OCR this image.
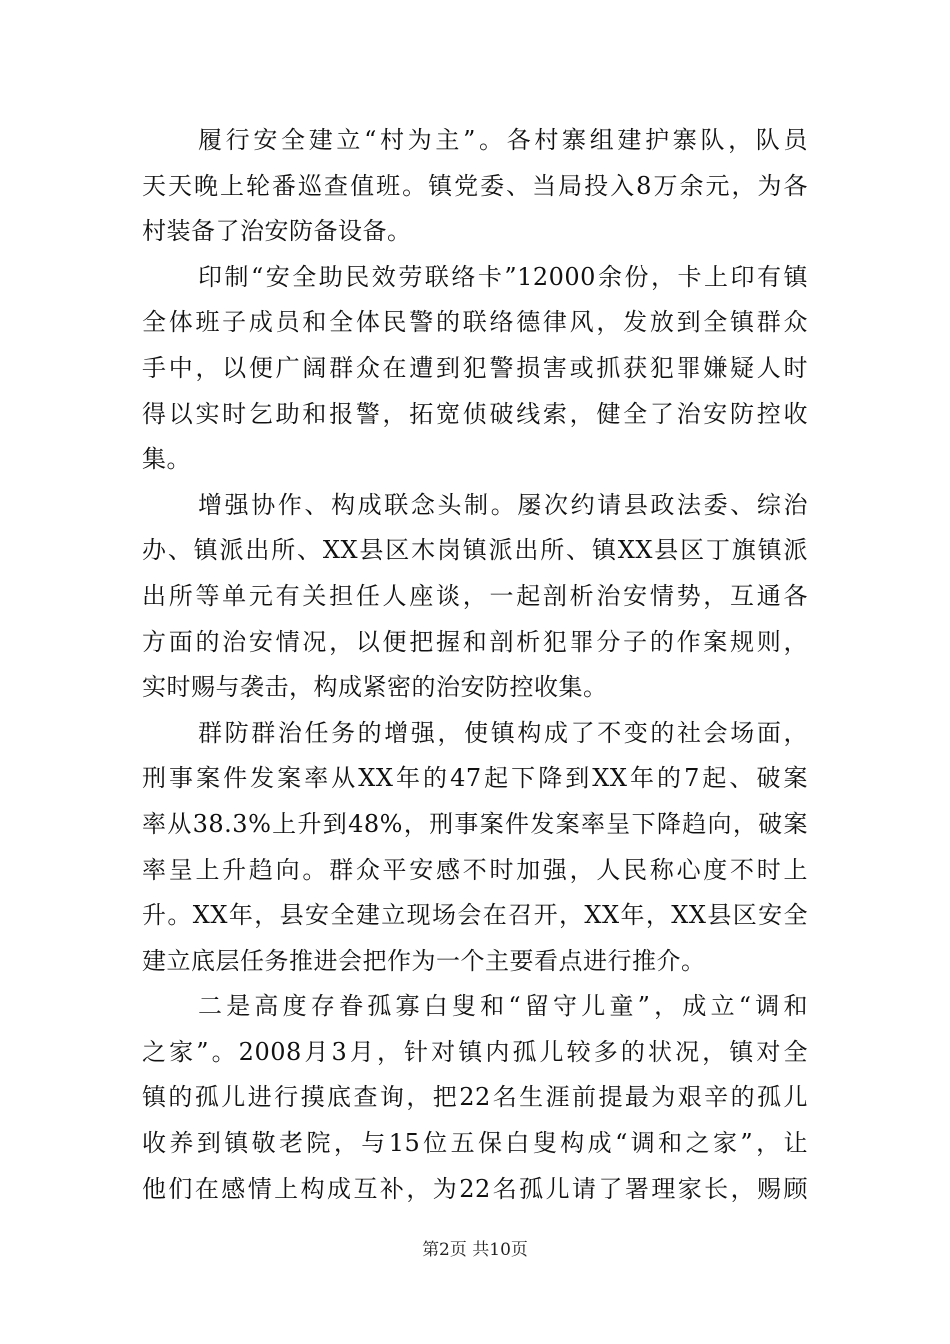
履行安全建立“村为主”。各村寨组建护寨队，队员
天天晚上轮番巡查值班。镇党委、当局投入8万余元，为各
村装备了治安防备设备。
印制“安全助民效劳联络卡”12000余份，卡上印有镇
全体班子成员和全体民警的联络德律风，发放到全镇群众
手中，以便广阔群众在遭到犯警损害或抓获犯罪嫌疑人时
得以实时乞助和报警，拓宽侦破线索，健全了治安防控收
集。
增强协作、构成联念头制。屡次约请县政法委、综治
办、镇派出所、XX县区木岗镇派出所、镇XX县区丁旗镇派
出所等单元有关担任人座谈，一起剖析治安情势，互通各
方面的治安情况，以便把握和剖析犯罪分子的作案规则，
实时赐与袭击，构成紧密的治安防控收集。
群防群治任务的增强，使镇构成了不变的社会场面，
刑事案件发案率从XX年的47起下降到XX年的7起、破案
率从38.3%上升到48%，刑事案件发案率呈下降趋向，破案
率呈上升趋向。群众平安感不时加强，人民称心度不时上
升。XX年，县安全建立现场会在召开，XX年，XX县区安全
建立底层任务推进会把作为一个主要看点进行推介。
二是高度存眷孤寡白叟和“留守儿童”，成立“调和
之家”。2008月3月，针对镇内孤儿较多的状况，镇对全
镇的孤儿进行摸底查询，把22名生涯前提最为艰辛的孤儿
收养到镇敬老院，与15位五保白叟构成“调和之家”，让
他们在感情上构成互补，为22名孤儿请了署理家长，赐顾
第2页 共10页
